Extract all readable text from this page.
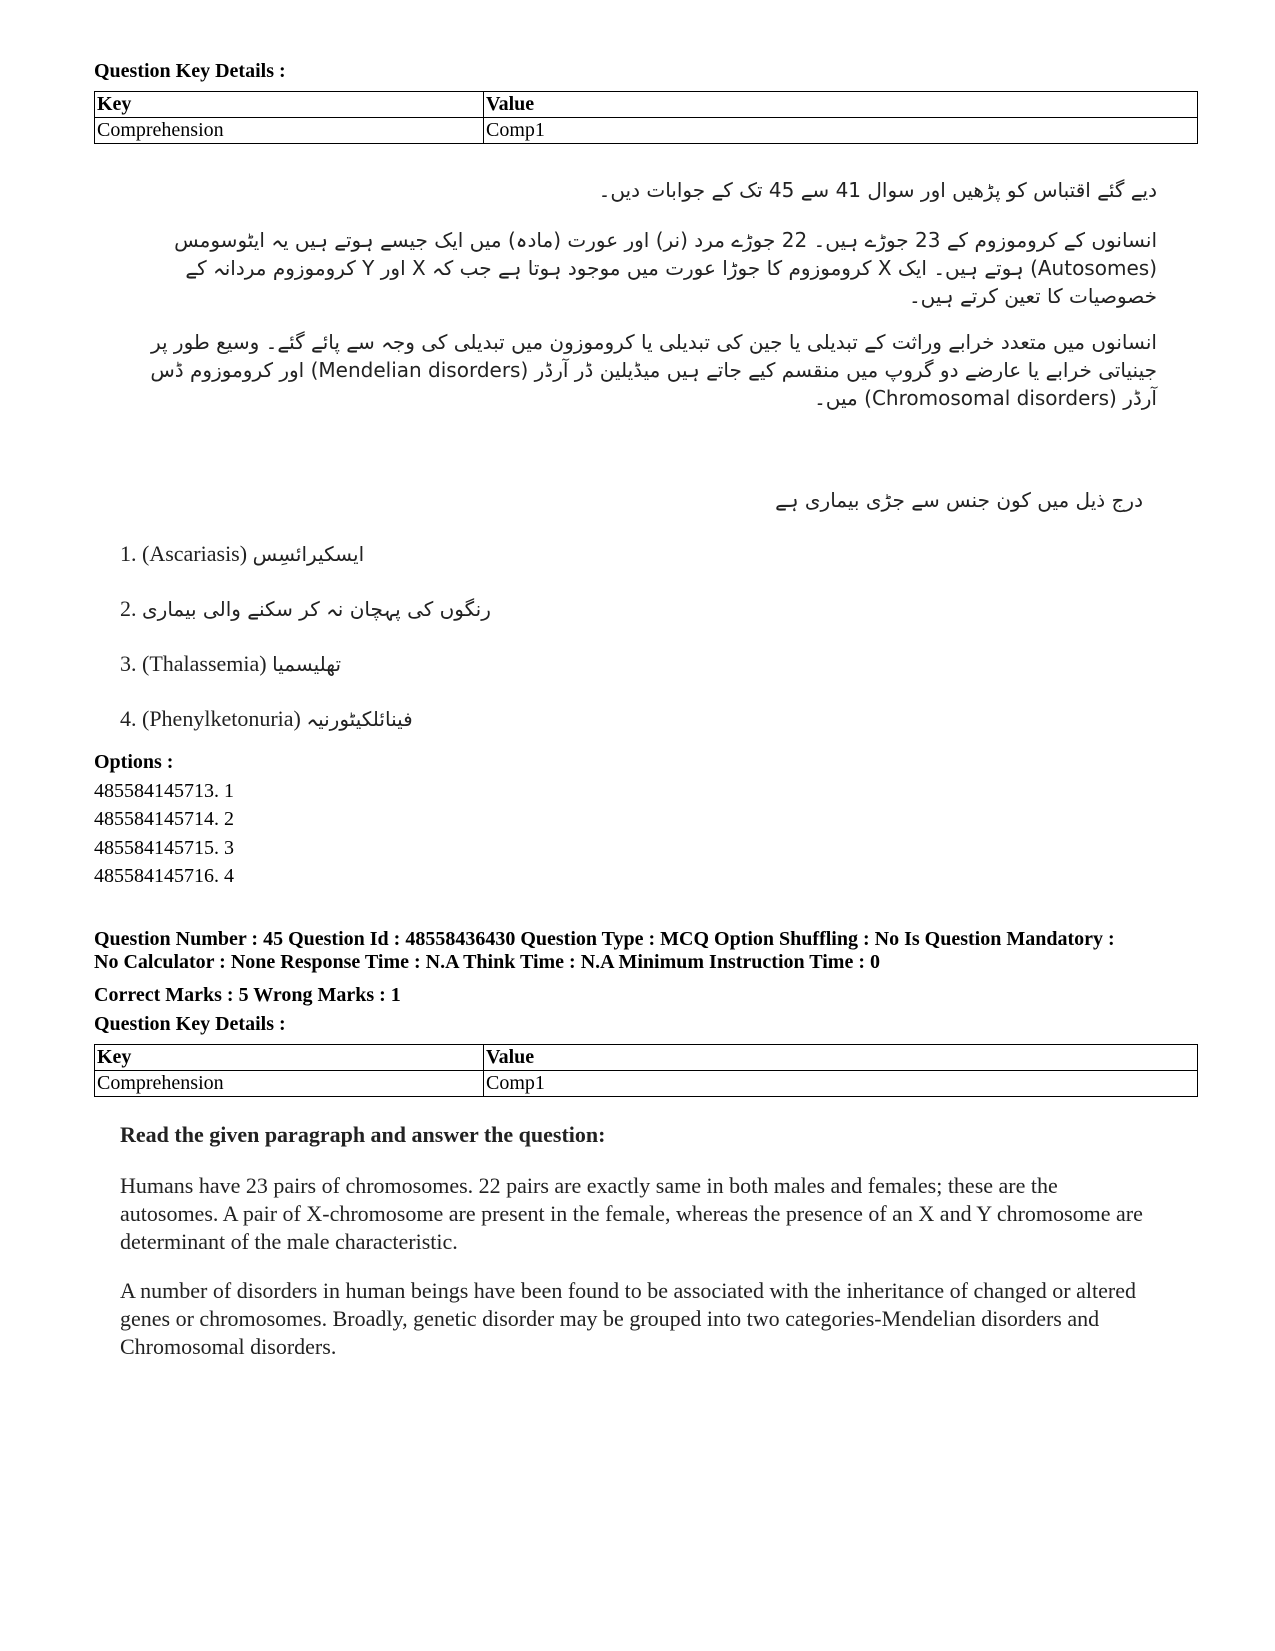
Question Key Details :
Key	Value
Comprehension	Comp1
دیے گئے اقتباس کو پڑھیں اور سوال 41 سے 45 تک کے جوابات دیں۔
انسانوں کے کروموزوم کے 23 جوڑے ہیں۔ 22 جوڑے مرد (نر) اور عورت (مادہ) میں ایک جیسے ہوتے ہیں یہ ایٹوسومس (Autosomes) ہوتے ہیں۔ ایک X کروموزوم کا جوڑا عورت میں موجود ہوتا ہے جب کہ X اور Y کروموزوم مردانہ کے خصوصیات کا تعین کرتے ہیں۔
انسانوں میں متعدد خرابے وراثت کے تبدیلی یا جین کی تبدیلی یا کروموزون میں تبدیلی کی وجہ سے پائے گئے۔ وسیع طور پر جینیاتی خرابے یا عارضے دو گروپ میں منقسم کیے جاتے ہیں میڈیلین ڈر آرڈر (Mendelian disorders) اور کروموزوم ڈس آرڈر (Chromosomal disorders) میں۔
درج ذیل میں کون جنس سے جڑی بیماری ہے
1. (Ascariasis) ایسکیرائسِس
2. رنگوں کی پہچان نہ کر سکنے والی بیماری
3. (Thalassemia) تھلیسمیا
4. (Phenylketonuria) فینائلکیٹورنیہ
Options :
485584145713. 1
485584145714. 2
485584145715. 3
485584145716. 4
Question Number : 45 Question Id : 48558436430 Question Type : MCQ Option Shuffling : No Is Question Mandatory :
No Calculator : None Response Time : N.A Think Time : N.A Minimum Instruction Time : 0
Correct Marks : 5 Wrong Marks : 1
Question Key Details :
Key	Value
Comprehension	Comp1
Read the given paragraph and answer the question:
Humans have 23 pairs of chromosomes. 22 pairs are exactly same in both males and females; these are the autosomes. A pair of X-chromosome are present in the female, whereas the presence of an X and Y chromosome are determinant of the male characteristic.
A number of disorders in human beings have been found to be associated with the inheritance of changed or altered genes or chromosomes. Broadly, genetic disorder may be grouped into two categories-Mendelian disorders and Chromosomal disorders.
